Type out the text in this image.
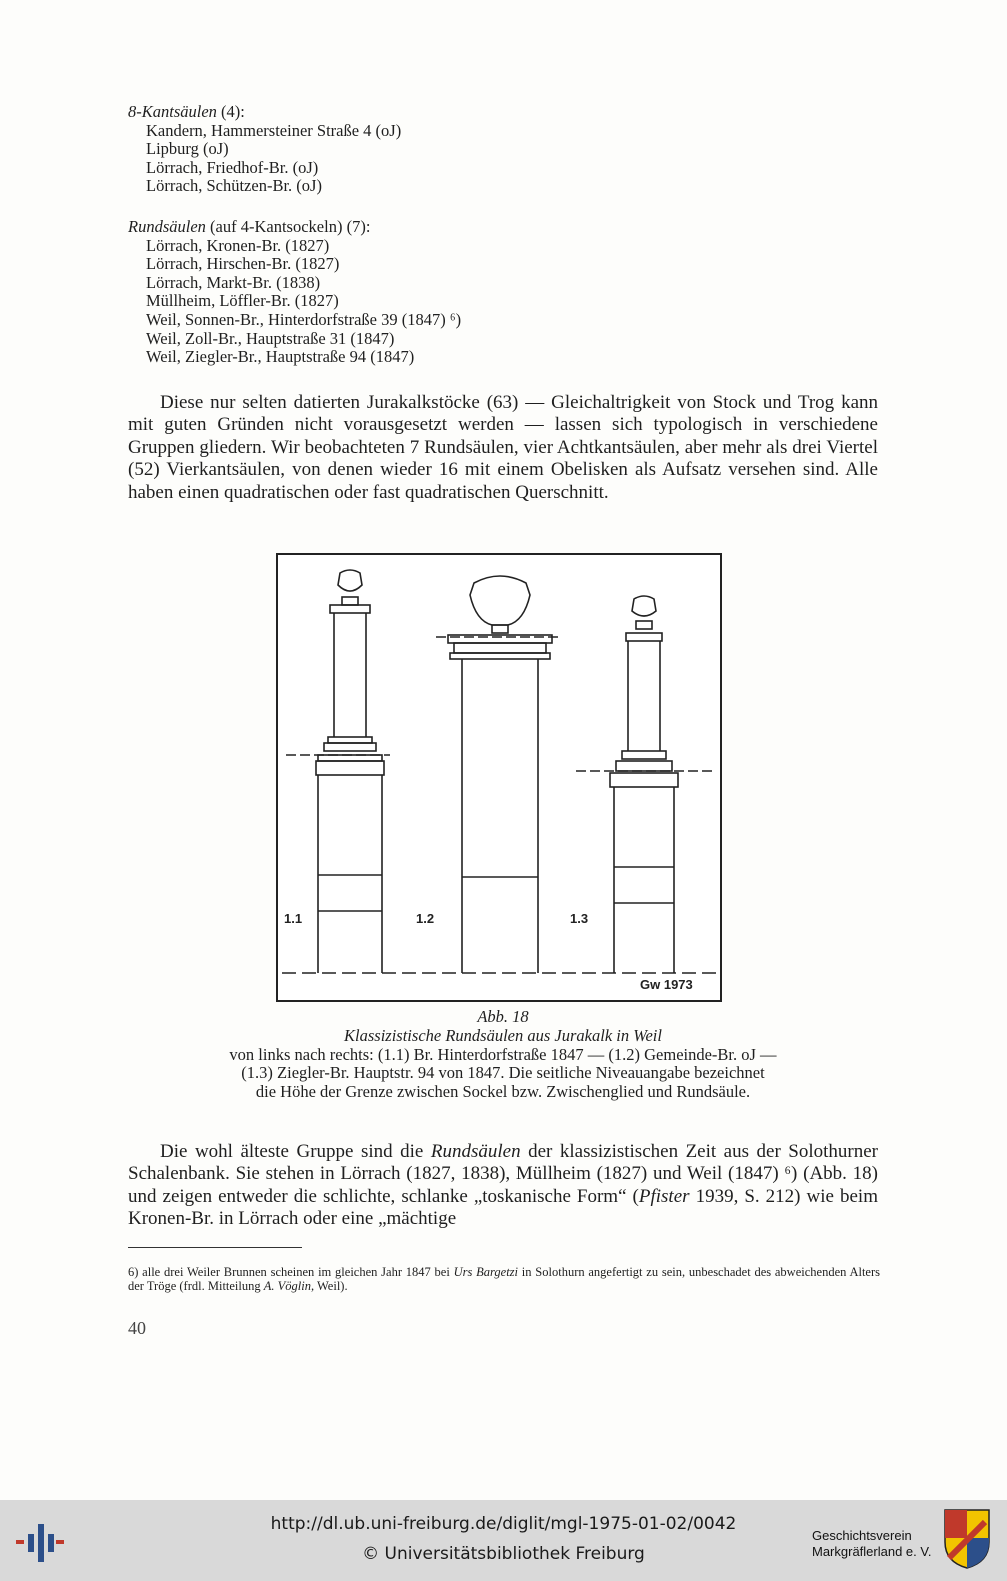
8-Kantsäulen (4):
Kandern, Hammersteiner Straße 4 (oJ)
Lipburg (oJ)
Lörrach, Friedhof-Br. (oJ)
Lörrach, Schützen-Br. (oJ)
Rundsäulen (auf 4-Kantsockeln) (7):
Lörrach, Kronen-Br. (1827)
Lörrach, Hirschen-Br. (1827)
Lörrach, Markt-Br. (1838)
Müllheim, Löffler-Br. (1827)
Weil, Sonnen-Br., Hinterdorfstraße 39 (1847) ⁶)
Weil, Zoll-Br., Hauptstraße 31 (1847)
Weil, Ziegler-Br., Hauptstraße 94 (1847)

Diese nur selten datierten Jurakalkstöcke (63) — Gleichaltrigkeit von Stock und Trog kann mit guten Gründen nicht vorausgesetzt werden — lassen sich typologisch in verschiedene Gruppen gliedern. Wir beobachteten 7 Rundsäulen, vier Achtkantsäulen, aber mehr als drei Viertel (52) Vierkantsäulen, von denen wieder 16 mit einem Obelisken als Aufsatz versehen sind. Alle haben einen quadratischen oder fast quadratischen Querschnitt.

1.1	1.2	1.3
Gw 1973
Abb. 18
Klassizistische Rundsäulen aus Jurakalk in Weil
von links nach rechts: (1.1) Br. Hinterdorfstraße 1847 — (1.2) Gemeinde-Br. oJ —
(1.3) Ziegler-Br. Hauptstr. 94 von 1847. Die seitliche Niveauangabe bezeichnet
die Höhe der Grenze zwischen Sockel bzw. Zwischenglied und Rundsäule.

Die wohl älteste Gruppe sind die Rundsäulen der klassizistischen Zeit aus der Solothurner Schalenbank. Sie stehen in Lörrach (1827, 1838), Müllheim (1827) und Weil (1847) ⁶) (Abb. 18) und zeigen entweder die schlichte, schlanke „toskanische Form“ (Pfister 1939, S. 212) wie beim Kronen-Br. in Lörrach oder eine „mächtige

6) alle drei Weiler Brunnen scheinen im gleichen Jahr 1847 bei Urs Bargetzi in Solothurn angefertigt zu sein, unbeschadet des abweichenden Alters der Tröge (frdl. Mitteilung A. Vöglin, Weil).
40
http://dl.ub.uni-freiburg.de/diglit/mgl-1975-01-02/0042
© Universitätsbibliothek Freiburg
Geschichtsverein
Markgräflerland e. V.
